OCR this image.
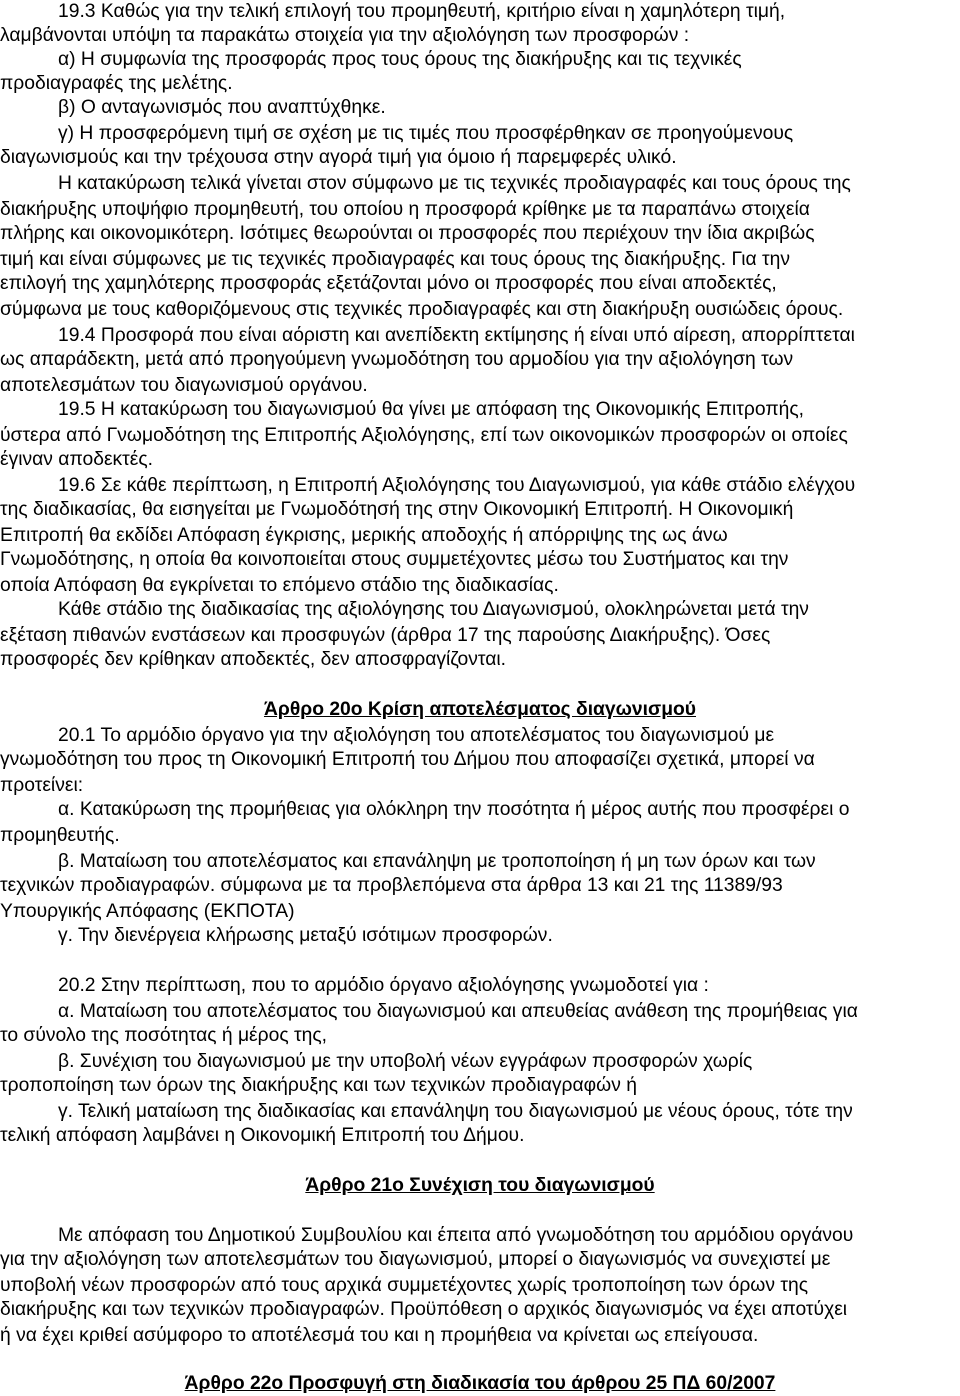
19.3 Καθώς για την τελική επιλογή του προμηθευτή, κριτήριο είναι η χαμηλότερη τιμή,
λαμβάνονται υπόψη τα παρακάτω στοιχεία για την αξιολόγηση των προσφορών :
α) Η συμφωνία της προσφοράς προς τους όρους της διακήρυξης και τις τεχνικές
προδιαγραφές της μελέτης.
β) Ο ανταγωνισμός που αναπτύχθηκε.
γ) Η προσφερόμενη τιμή σε σχέση με τις τιμές που προσφέρθηκαν σε προηγούμενους
διαγωνισμούς και την τρέχουσα στην αγορά τιμή για όμοιο ή παρεμφερές υλικό.
Η κατακύρωση τελικά γίνεται στον σύμφωνο με τις τεχνικές προδιαγραφές και τους όρους της
διακήρυξης υποψήφιο προμηθευτή, του οποίου η προσφορά κρίθηκε με τα παραπάνω στοιχεία
πλήρης και οικονομικότερη. Ισότιμες θεωρούνται οι προσφορές που περιέχουν την ίδια ακριβώς
τιμή και είναι σύμφωνες με τις τεχνικές προδιαγραφές και τους όρους της διακήρυξης. Για την
επιλογή της χαμηλότερης προσφοράς εξετάζονται μόνο οι προσφορές που είναι αποδεκτές,
σύμφωνα με τους καθοριζόμενους στις τεχνικές προδιαγραφές και στη διακήρυξη ουσιώδεις όρους.
19.4 Προσφορά που είναι αόριστη και ανεπίδεκτη εκτίμησης ή είναι υπό αίρεση, απορρίπτεται
ως απαράδεκτη, μετά από προηγούμενη γνωμοδότηση του αρμοδίου για την αξιολόγηση των
αποτελεσμάτων του διαγωνισμού οργάνου.
19.5 Η κατακύρωση του διαγωνισμού θα γίνει με απόφαση της Οικονομικής Επιτροπής,
ύστερα από Γνωμοδότηση της Επιτροπής Αξιολόγησης, επί των οικονομικών προσφορών οι οποίες
έγιναν αποδεκτές.
19.6 Σε κάθε περίπτωση, η Επιτροπή Αξιολόγησης του Διαγωνισμού, για κάθε στάδιο ελέγχου
της διαδικασίας, θα εισηγείται με Γνωμοδότησή της στην Οικονομική Επιτροπή. Η Οικονομική
Επιτροπή θα εκδίδει Απόφαση έγκρισης, μερικής αποδοχής ή απόρριψης της ως άνω
Γνωμοδότησης, η οποία θα κοινοποιείται στους συμμετέχοντες μέσω του Συστήματος και την
οποία Απόφαση θα εγκρίνεται το επόμενο στάδιο της διαδικασίας.
Κάθε στάδιο της διαδικασίας της αξιολόγησης του Διαγωνισμού, ολοκληρώνεται μετά την
εξέταση πιθανών ενστάσεων και προσφυγών (άρθρα 17 της παρούσης Διακήρυξης). Όσες
προσφορές δεν κρίθηκαν αποδεκτές, δεν αποσφραγίζονται.
Άρθρο 20ο Κρίση αποτελέσματος διαγωνισμού
20.1 Το αρμόδιο όργανο για την αξιολόγηση του αποτελέσματος του διαγωνισμού με
γνωμοδότηση του προς τη Οικονομική Επιτροπή του Δήμου που αποφασίζει σχετικά, μπορεί να
προτείνει:
α. Κατακύρωση της προμήθειας για ολόκληρη την ποσότητα ή μέρος αυτής που προσφέρει ο
προμηθευτής.
β. Ματαίωση του αποτελέσματος και επανάληψη με τροποποίηση ή μη των όρων και των
τεχνικών προδιαγραφών. σύμφωνα με τα προβλεπόμενα στα άρθρα 13 και 21 της 11389/93
Υπουργικής Απόφασης (ΕΚΠΟΤΑ)
γ. Την διενέργεια κλήρωσης μεταξύ ισότιμων προσφορών.
20.2 Στην περίπτωση, που το αρμόδιο όργανο αξιολόγησης γνωμοδοτεί για :
α. Ματαίωση του αποτελέσματος του διαγωνισμού και απευθείας ανάθεση της προμήθειας για
το σύνολο της ποσότητας ή μέρος της,
β. Συνέχιση του διαγωνισμού με την υποβολή νέων εγγράφων προσφορών χωρίς
τροποποίηση των όρων της διακήρυξης και των τεχνικών προδιαγραφών ή
γ. Τελική ματαίωση της διαδικασίας και επανάληψη του διαγωνισμού με νέους όρους, τότε την
τελική απόφαση λαμβάνει η Οικονομική Επιτροπή του Δήμου.
Άρθρο 21ο Συνέχιση του διαγωνισμού
Με απόφαση του Δημοτικού Συμβουλίου και έπειτα από γνωμοδότηση του αρμόδιου οργάνου
για την αξιολόγηση των αποτελεσμάτων του διαγωνισμού, μπορεί ο διαγωνισμός να συνεχιστεί με
υποβολή νέων προσφορών από τους αρχικά συμμετέχοντες χωρίς τροποποίηση των όρων της
διακήρυξης και των τεχνικών προδιαγραφών. Προϋπόθεση ο αρχικός διαγωνισμός να έχει αποτύχει
ή να έχει κριθεί ασύμφορο το αποτέλεσμά του και η προμήθεια να κρίνεται ως επείγουσα.
Άρθρο 22ο Προσφυγή στη διαδικασία του άρθρου 25 ΠΔ 60/2007
